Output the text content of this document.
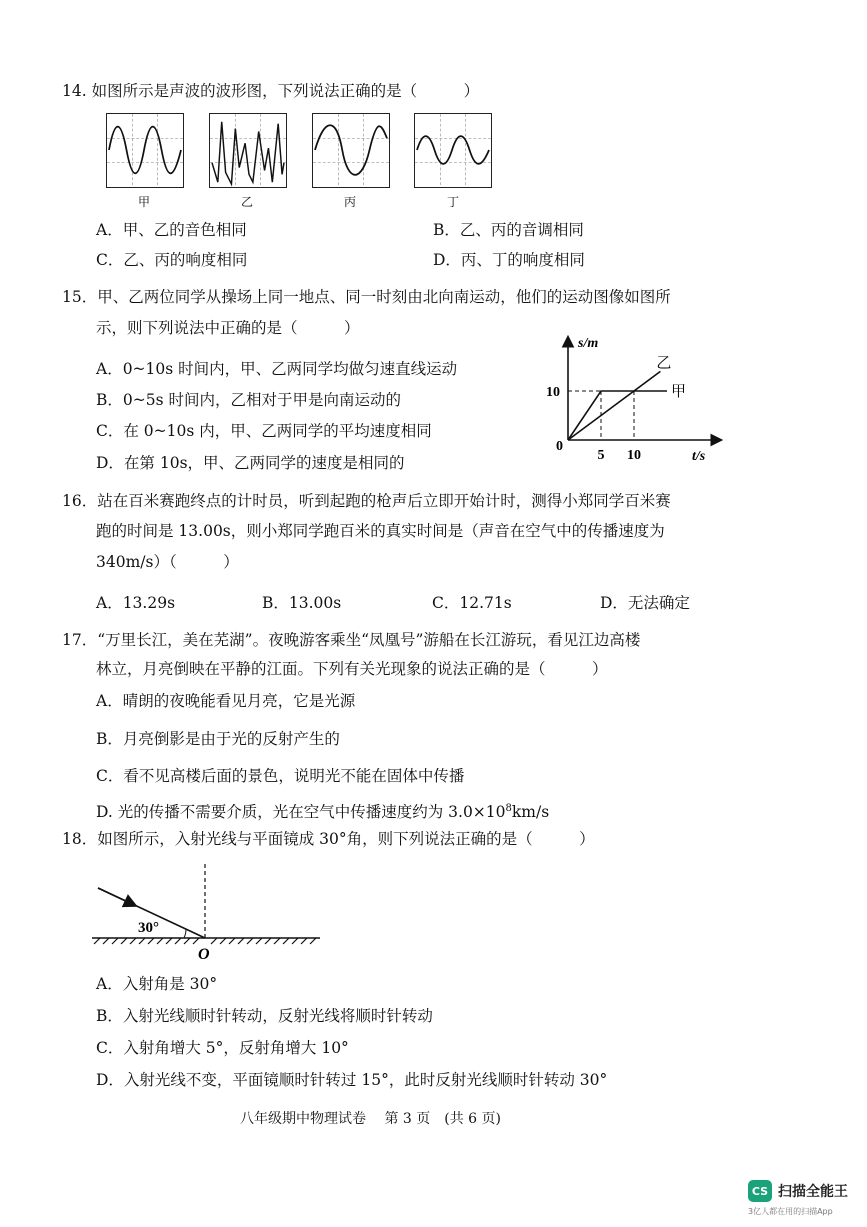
14. 如图所示是声波的波形图，下列说法正确的是（　　　）
甲	乙	丙	丁
A．甲、乙的音色相同	B．乙、丙的音调相同
C．乙、丙的响度相同	D．丙、丁的响度相同
15．甲、乙两位同学从操场上同一地点、同一时刻由北向南运动，他们的运动图像如图所
示，则下列说法中正确的是（　　　）
A．0~10s 时间内，甲、乙两同学均做匀速直线运动
B．0~5s 时间内，乙相对于甲是向南运动的
C．在 0~10s 内，甲、乙两同学的平均速度相同
D．在第 10s，甲、乙两同学的速度是相同的
s/m
t/s
0
5 10
10	甲
乙
16．站在百米赛跑终点的计时员，听到起跑的枪声后立即开始计时，测得小郑同学百米赛
跑的时间是 13.00s，则小郑同学跑百米的真实时间是（声音在空气中的传播速度为
340m/s）（　　　）
A．13.29s	B．13.00s	C．12.71s	D．无法确定
17．“万里长江，美在芜湖”。夜晚游客乘坐“凤凰号”游船在长江游玩，看见江边高楼
林立，月亮倒映在平静的江面。下列有关光现象的说法正确的是（　　　）
A．晴朗的夜晚能看见月亮，它是光源
B．月亮倒影是由于光的反射产生的
C．看不见高楼后面的景色，说明光不能在固体中传播
D. 光的传播不需要介质，光在空气中传播速度约为 $3.0\times 10^8km/s$
18．如图所示，入射光线与平面镜成 30°角，则下列说法正确的是（　　　）
30°
O
A．入射角是 30°
B．入射光线顺时针转动，反射光线将顺时针转动
C．入射角增大 5°，反射角增大 10°
D．入射光线不变，平面镜顺时针转过 15°，此时反射光线顺时针转动 30°
八年级期中物理试卷　 第 3 页　(共 6 页)
CS 扫描全能王
3亿人都在用的扫描App
